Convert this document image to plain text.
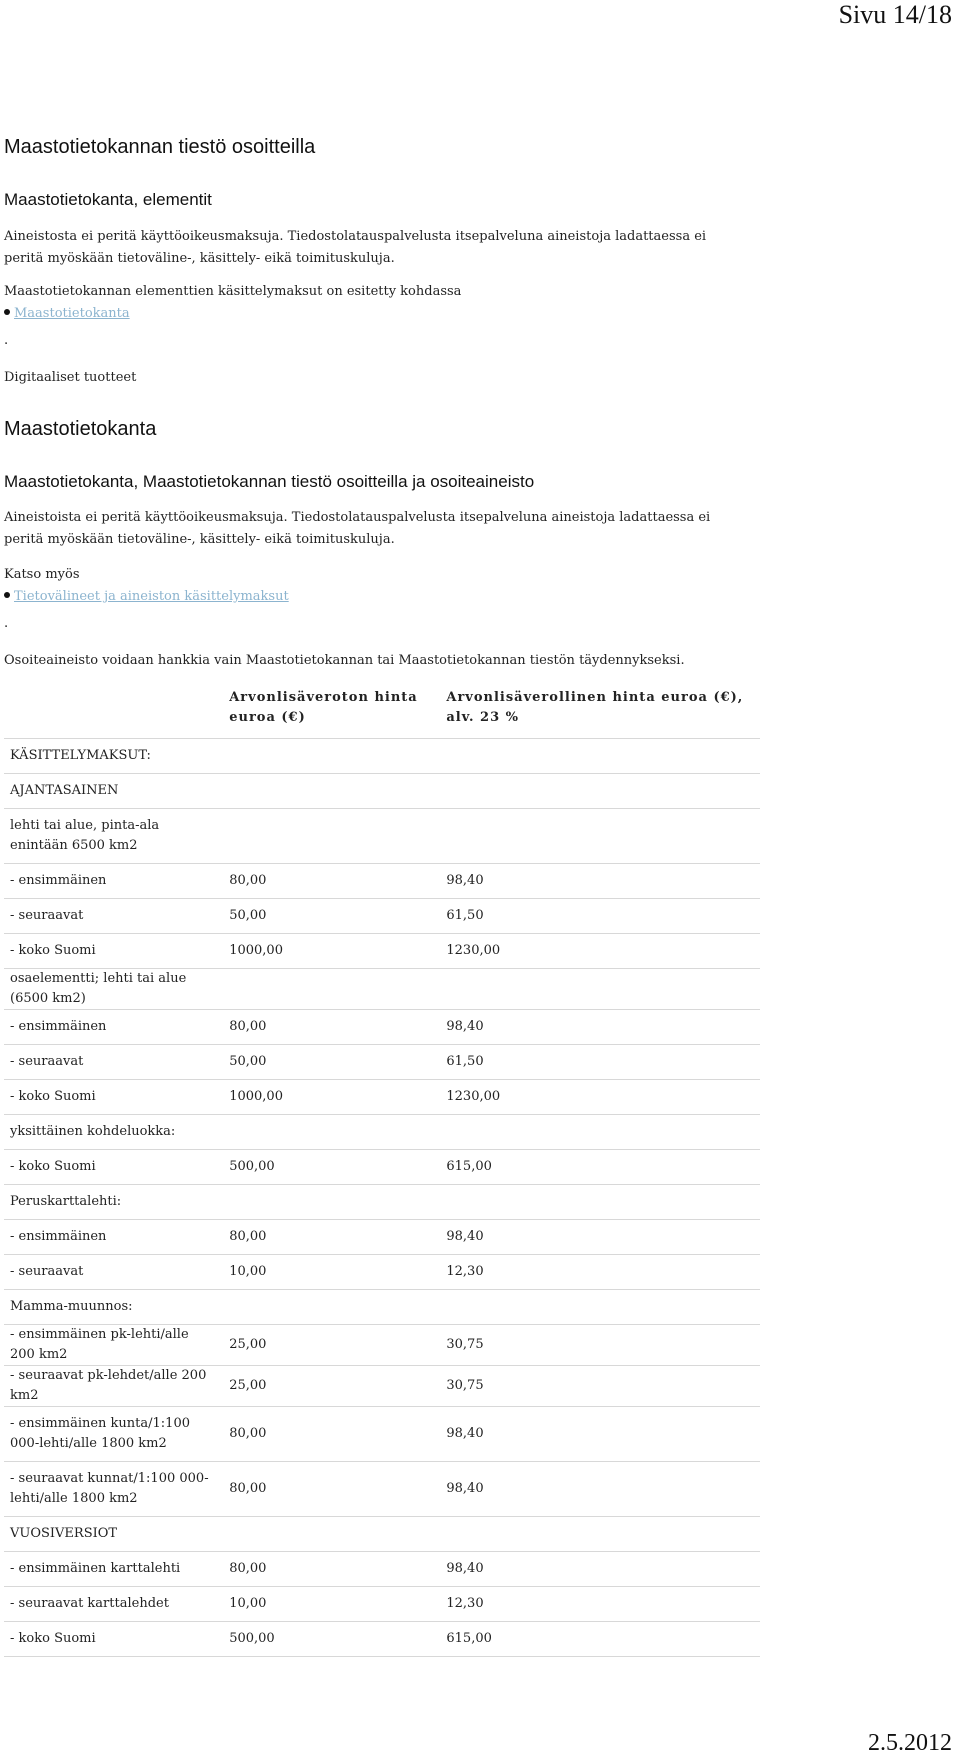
Sivu 14/18
Maastotietokannan tiestö osoitteilla
Maastotietokanta, elementit

Aineistosta ei peritä käyttöoikeusmaksuja. Tiedostolatauspalvelusta itsepalveluna aineistoja ladattaessa ei peritä myöskään tietoväline-, käsittely- eikä toimituskuluja.

Maastotietokannan elementtien käsittelymaksut on esitetty kohdassa

Maastotietokanta
.

Digitaaliset tuotteet

Maastotietokanta
Maastotietokanta, Maastotietokannan tiestö osoitteilla ja osoiteaineisto

Aineistoista ei peritä käyttöoikeusmaksuja. Tiedostolatauspalvelusta itsepalveluna aineistoja ladattaessa ei peritä myöskään tietoväline-, käsittely- eikä toimituskuluja.

Katso myös

Tietovälineet ja aineiston käsittelymaksut
.

Osoiteaineisto voidaan hankkia vain Maastotietokannan tai Maastotietokannan tiestön täydennykseksi.

	Arvonlisäveroton hinta euroa (€)	Arvonlisäverollinen hinta euroa (€), alv. 23 %
KÄSITTELYMAKSUT:		
AJANTASAINEN		
lehti tai alue, pinta-ala enintään 6500 km2		
- ensimmäinen	80,00	98,40
- seuraavat	50,00	61,50
- koko Suomi	1000,00	1230,00
osaelementti; lehti tai alue (6500 km2)		
- ensimmäinen	80,00	98,40
- seuraavat	50,00	61,50
- koko Suomi	1000,00	1230,00
yksittäinen kohdeluokka:		
- koko Suomi	500,00	615,00
Peruskarttalehti:		
- ensimmäinen	80,00	98,40
- seuraavat	10,00	12,30
Mamma-muunnos:		
- ensimmäinen pk-lehti/alle 200 km2	25,00	30,75
- seuraavat pk-lehdet/alle 200 km2	25,00	30,75
- ensimmäinen kunta/1:100 000-lehti/alle 1800 km2	80,00	98,40
- seuraavat kunnat/1:100 000-lehti/alle 1800 km2	80,00	98,40
VUOSIVERSIOT		
- ensimmäinen karttalehti	80,00	98,40
- seuraavat karttalehdet	10,00	12,30
- koko Suomi	500,00	615,00
2.5.2012
